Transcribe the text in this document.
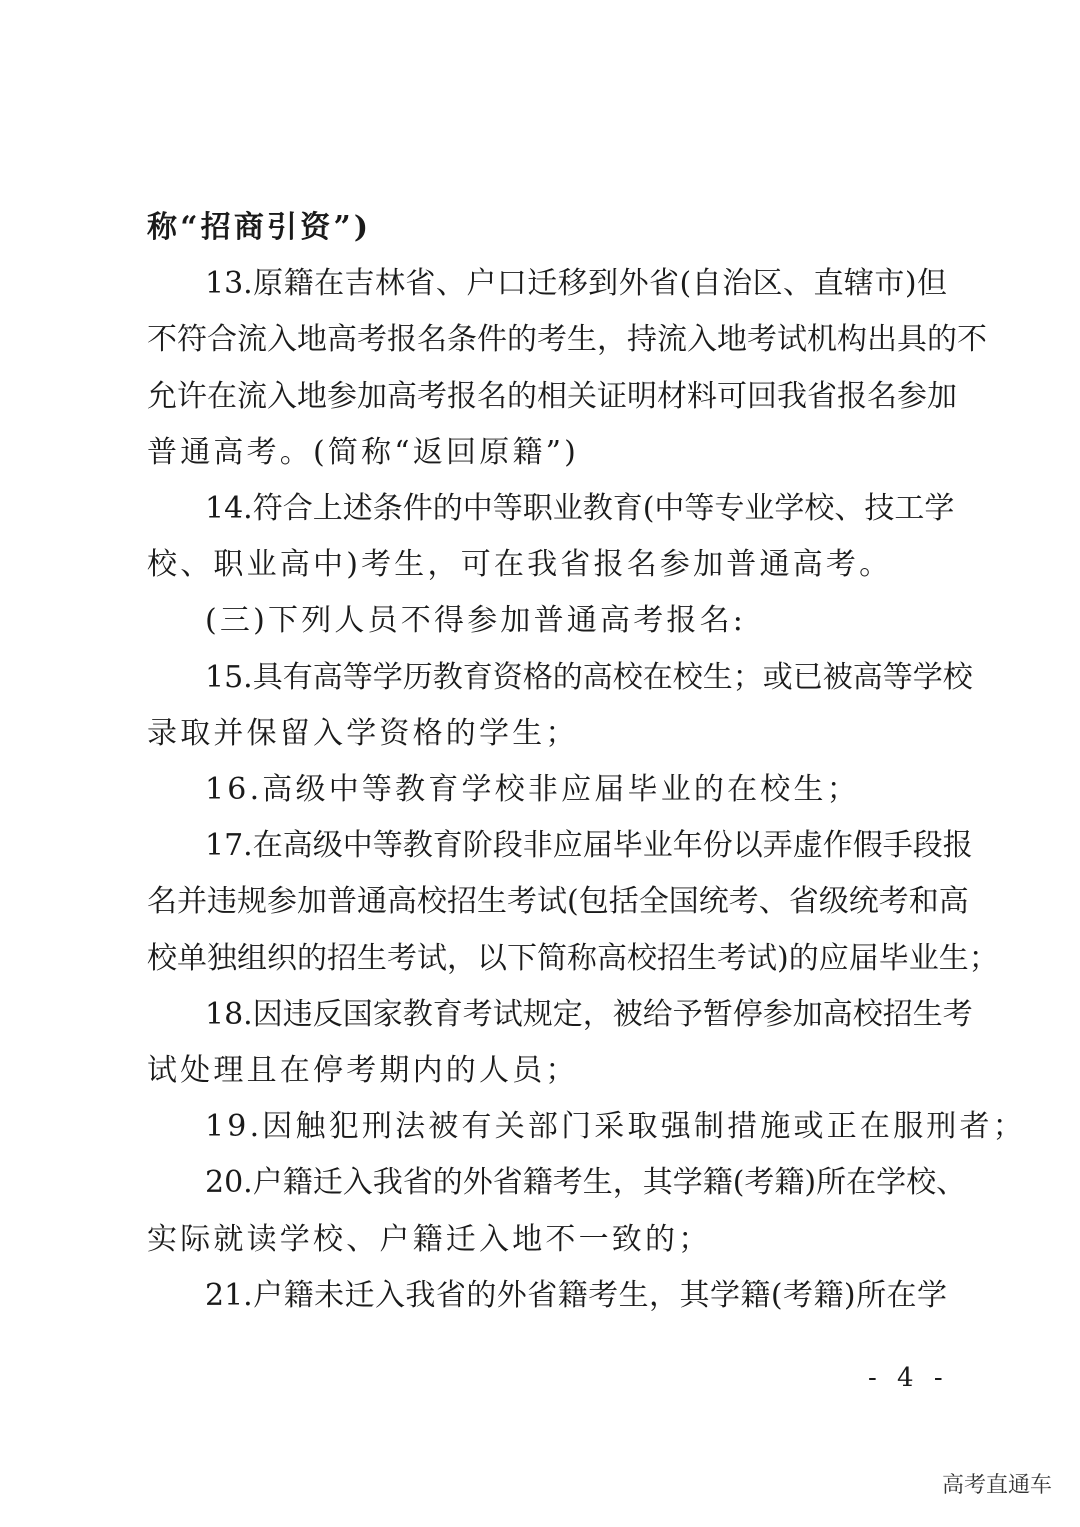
称“招商引资”)
13.原籍在吉林省、户口迁移到外省(自治区、直辖市)但
不符合流入地高考报名条件的考生，持流入地考试机构出具的不
允许在流入地参加高考报名的相关证明材料可回我省报名参加
普通高考。(简称“返回原籍”)
14.符合上述条件的中等职业教育(中等专业学校、技工学
校、职业高中)考生，可在我省报名参加普通高考。
(三)下列人员不得参加普通高考报名:
15.具有高等学历教育资格的高校在校生；或已被高等学校
录取并保留入学资格的学生；
16.高级中等教育学校非应届毕业的在校生；
17.在高级中等教育阶段非应届毕业年份以弄虚作假手段报
名并违规参加普通高校招生考试(包括全国统考、省级统考和高
校单独组织的招生考试，以下简称高校招生考试)的应届毕业生；
18.因违反国家教育考试规定，被给予暂停参加高校招生考
试处理且在停考期内的人员；
19.因触犯刑法被有关部门采取强制措施或正在服刑者；
20.户籍迁入我省的外省籍考生，其学籍(考籍)所在学校、
实际就读学校、户籍迁入地不一致的；
21.户籍未迁入我省的外省籍考生，其学籍(考籍)所在学
- 4 -
高考直通车
